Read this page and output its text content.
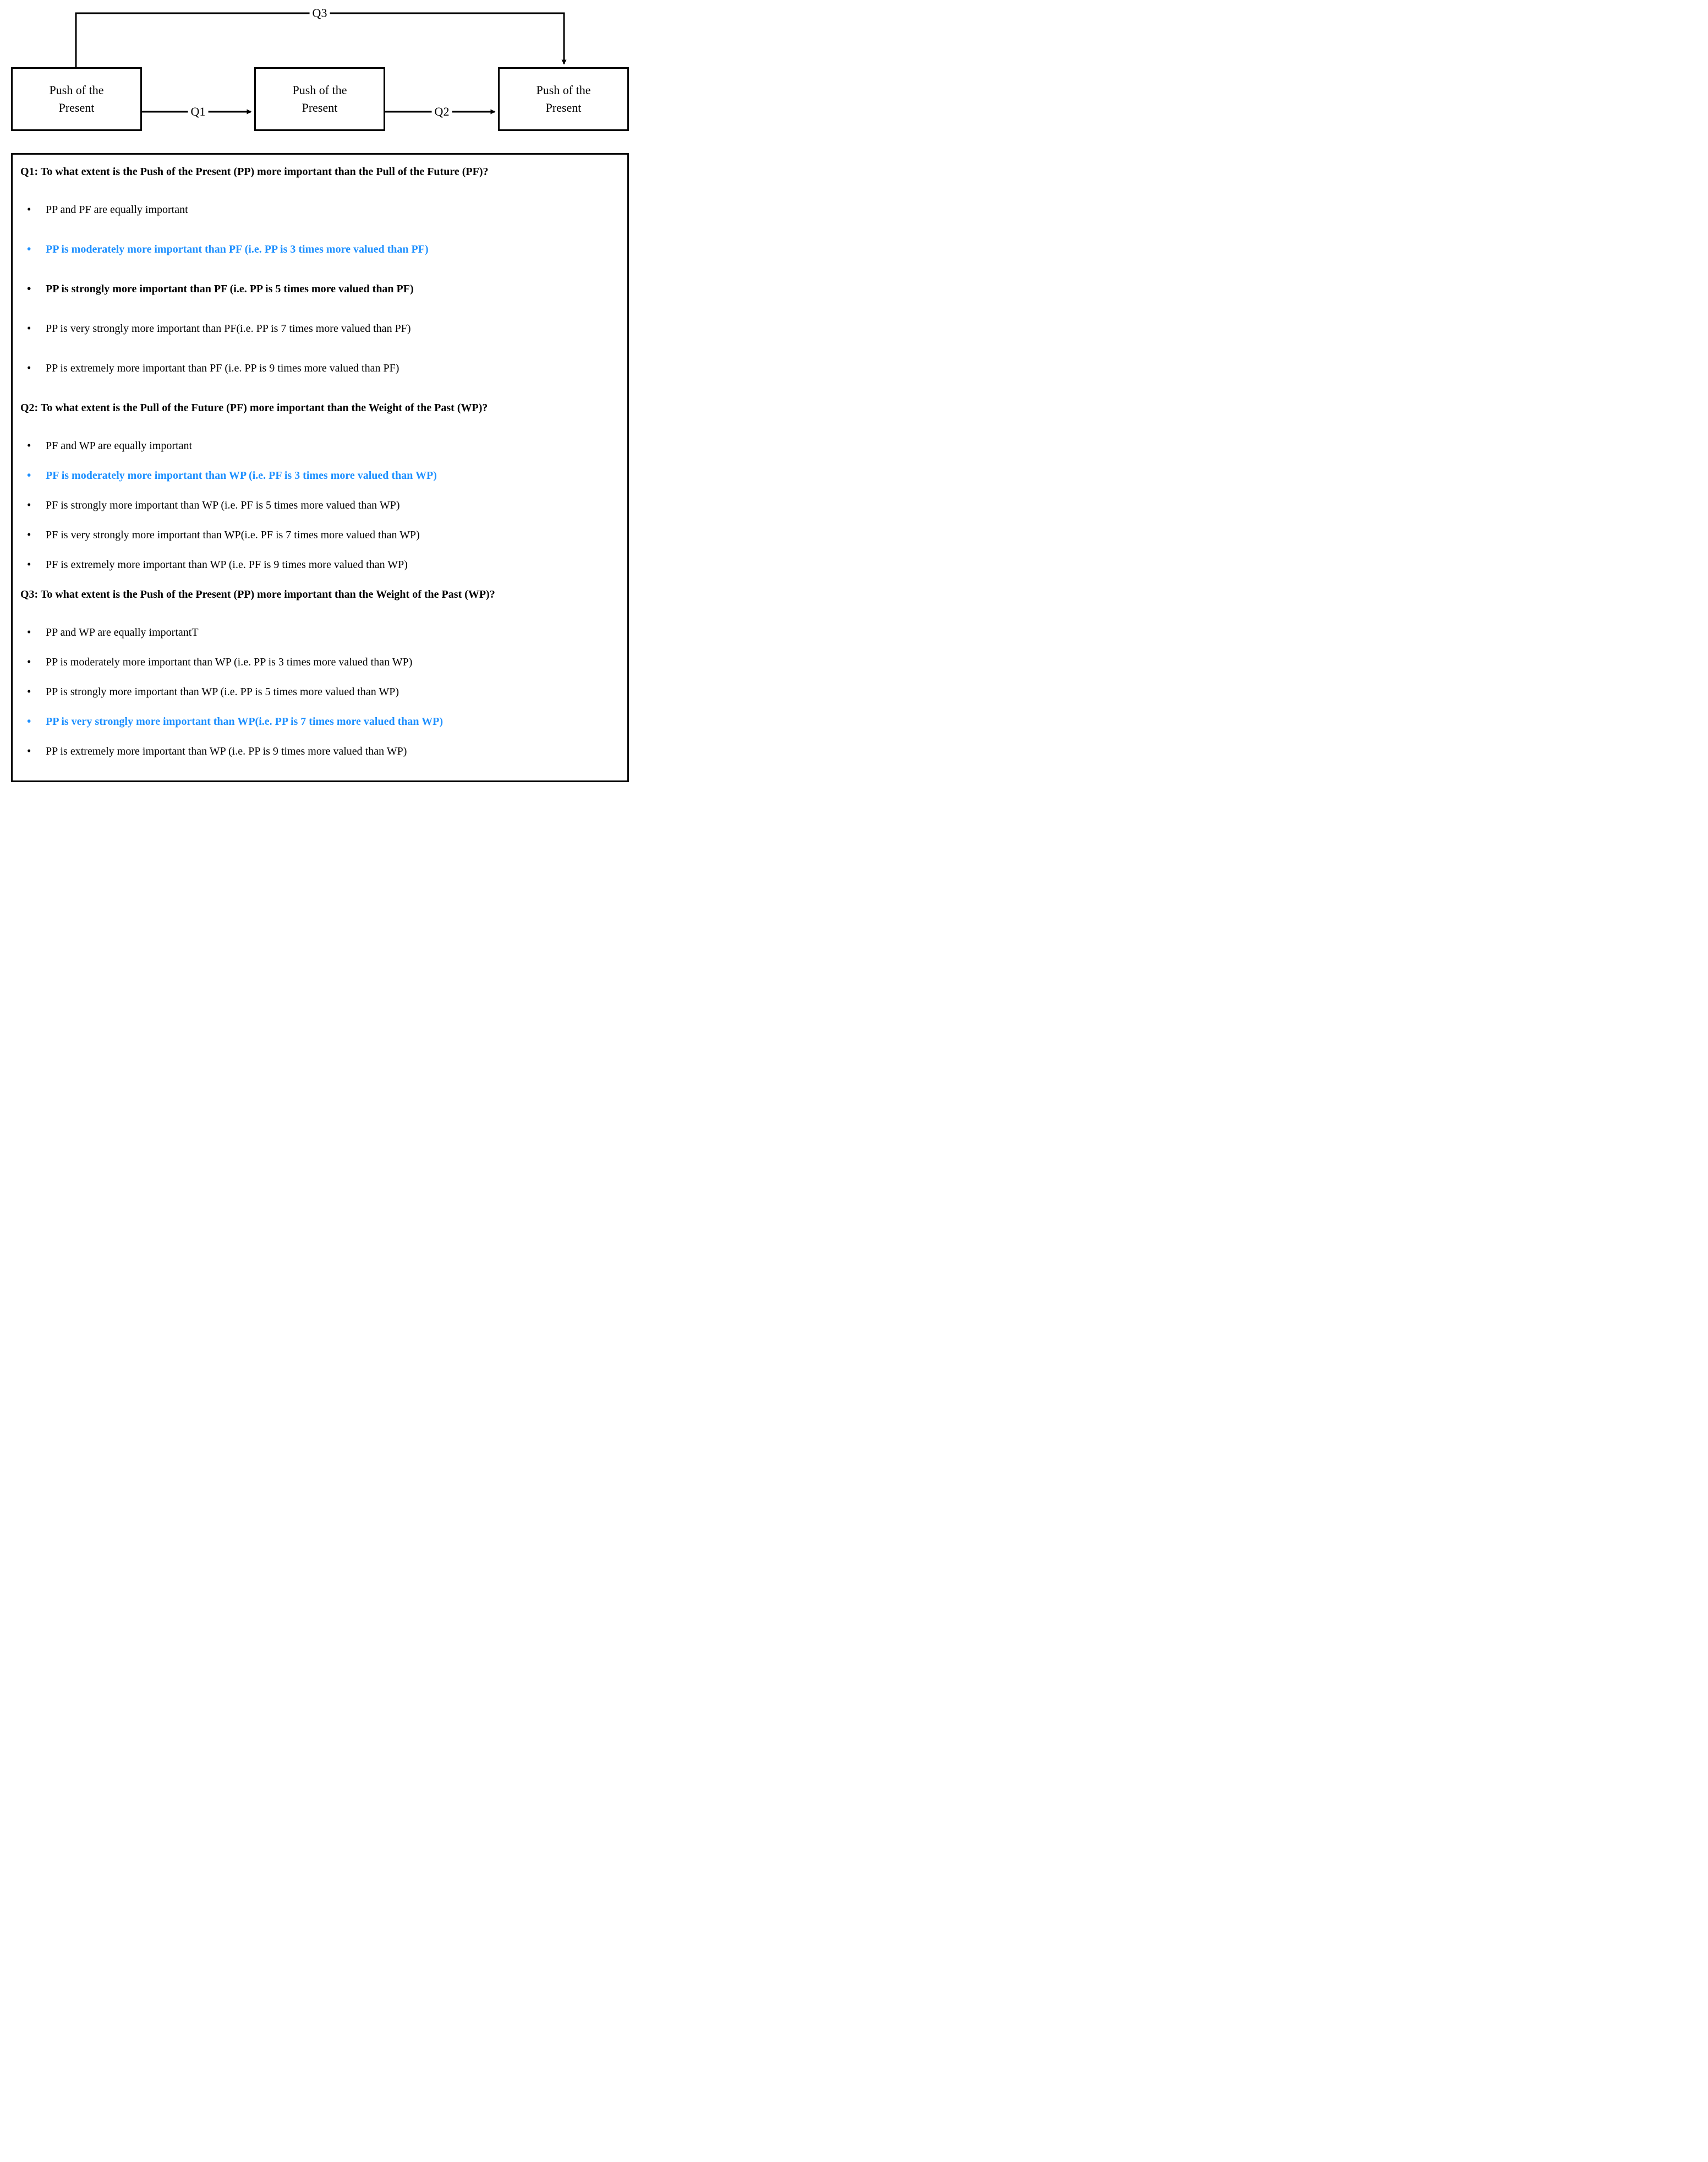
Push of the Present
Push of the Present
Push of the Present
Q1	Q2
Q3
Q1: To what extent is the Push of the Present (PP) more important than the Pull of the Future (PF)?
• PP and PF are equally important
• PP is moderately more important than PF (i.e. PP is 3 times more valued than PF)
• PP is strongly more important than PF (i.e. PP is 5 times more valued than PF)
• PP is very strongly more important than PF(i.e. PP is 7 times more valued than PF)
• PP is extremely more important than PF (i.e. PP is 9 times more valued than PF)
Q2: To what extent is the Pull of the Future (PF) more important than the Weight of the Past (WP)?
• PF and WP are equally important
• PF is moderately more important than WP (i.e. PF is 3 times more valued than WP)
• PF is strongly more important than WP (i.e. PF is 5 times more valued than WP)
• PF is very strongly more important than WP(i.e. PF is 7 times more valued than WP)
• PF is extremely more important than WP (i.e. PF is 9 times more valued than WP)
Q3: To what extent is the Push of the Present (PP) more important than the Weight of the Past (WP)?
• PP and WP are equally importantT
• PP is moderately more important than WP (i.e. PP is 3 times more valued than WP)
• PP is strongly more important than WP (i.e. PP is 5 times more valued than WP)
• PP is very strongly more important than WP(i.e. PP is 7 times more valued than WP)
• PP is extremely more important than WP (i.e. PP is 9 times more valued than WP)
